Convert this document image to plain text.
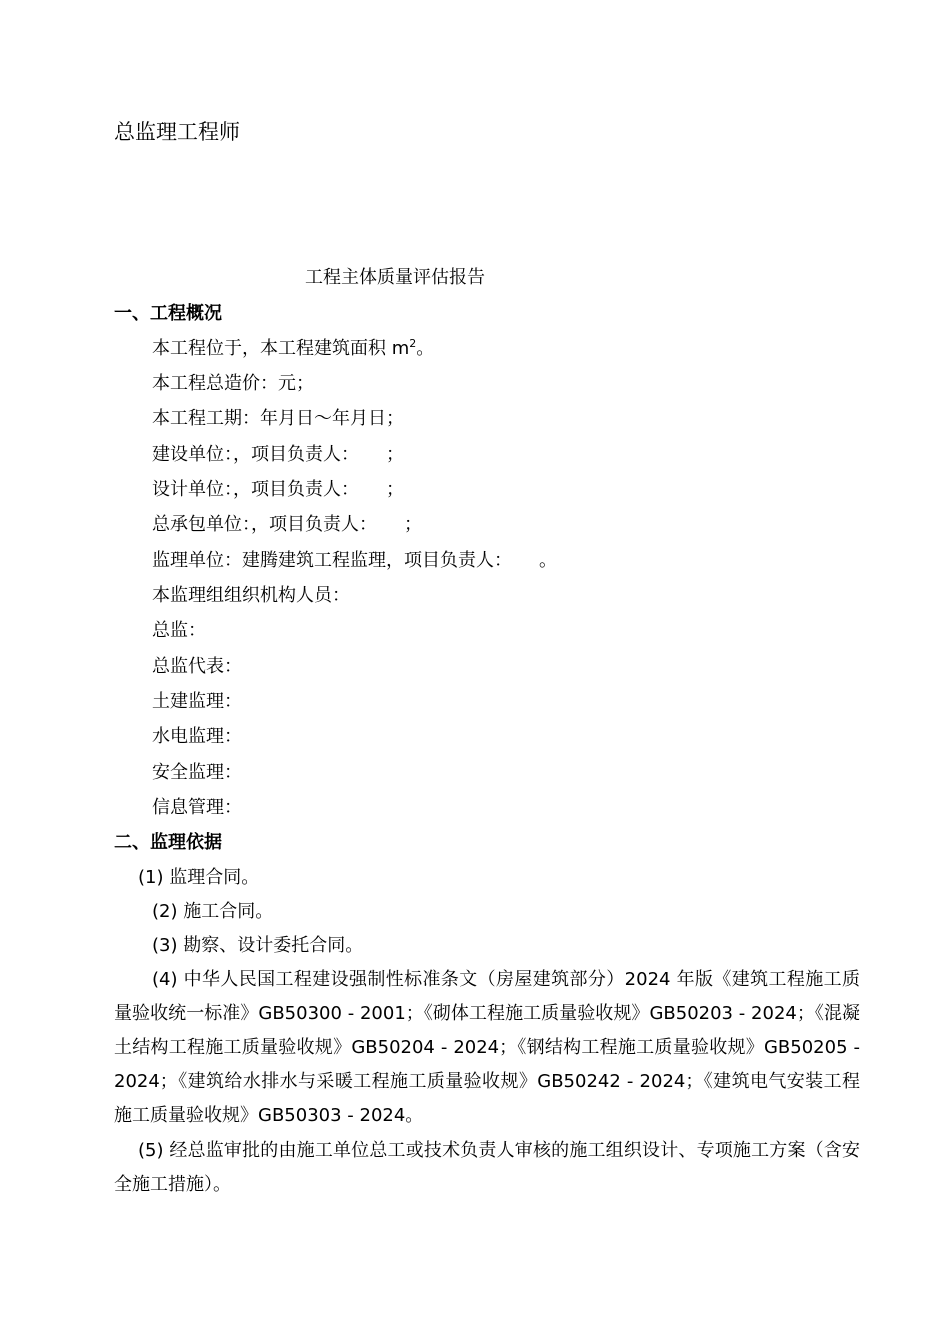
总监理工程师
工程主体质量评估报告
一、工程概况
本工程位于，本工程建筑面积 $m^2$。
本工程总造价：元；
本工程工期：年月日～年月日；
建设单位：，项目负责人：　　；
设计单位：，项目负责人：　　；
总承包单位：，项目负责人：　　；
监理单位：建腾建筑工程监理，项目负责人：　　。
本监理组组织机构人员：
总监：
总监代表：
土建监理：
水电监理：
安全监理：
信息管理：
二、监理依据
(1) 监理合同。
(2) 施工合同。
(3) 勘察、设计委托合同。
(4) 中华人民国工程建设强制性标准条文（房屋建筑部分）2024 年版《建筑工程施工质量验收统一标准》GB50300 - 2001；《砌体工程施工质量验收规》GB50203 - 2024；《混凝土结构工程施工质量验收规》GB50204 - 2024；《钢结构工程施工质量验收规》GB50205 - 2024；《建筑给水排水与采暖工程施工质量验收规》GB50242 - 2024；《建筑电气安装工程施工质量验收规》GB50303 - 2024。
(5) 经总监审批的由施工单位总工或技术负责人审核的施工组织设计、专项施工方案（含安全施工措施）。
